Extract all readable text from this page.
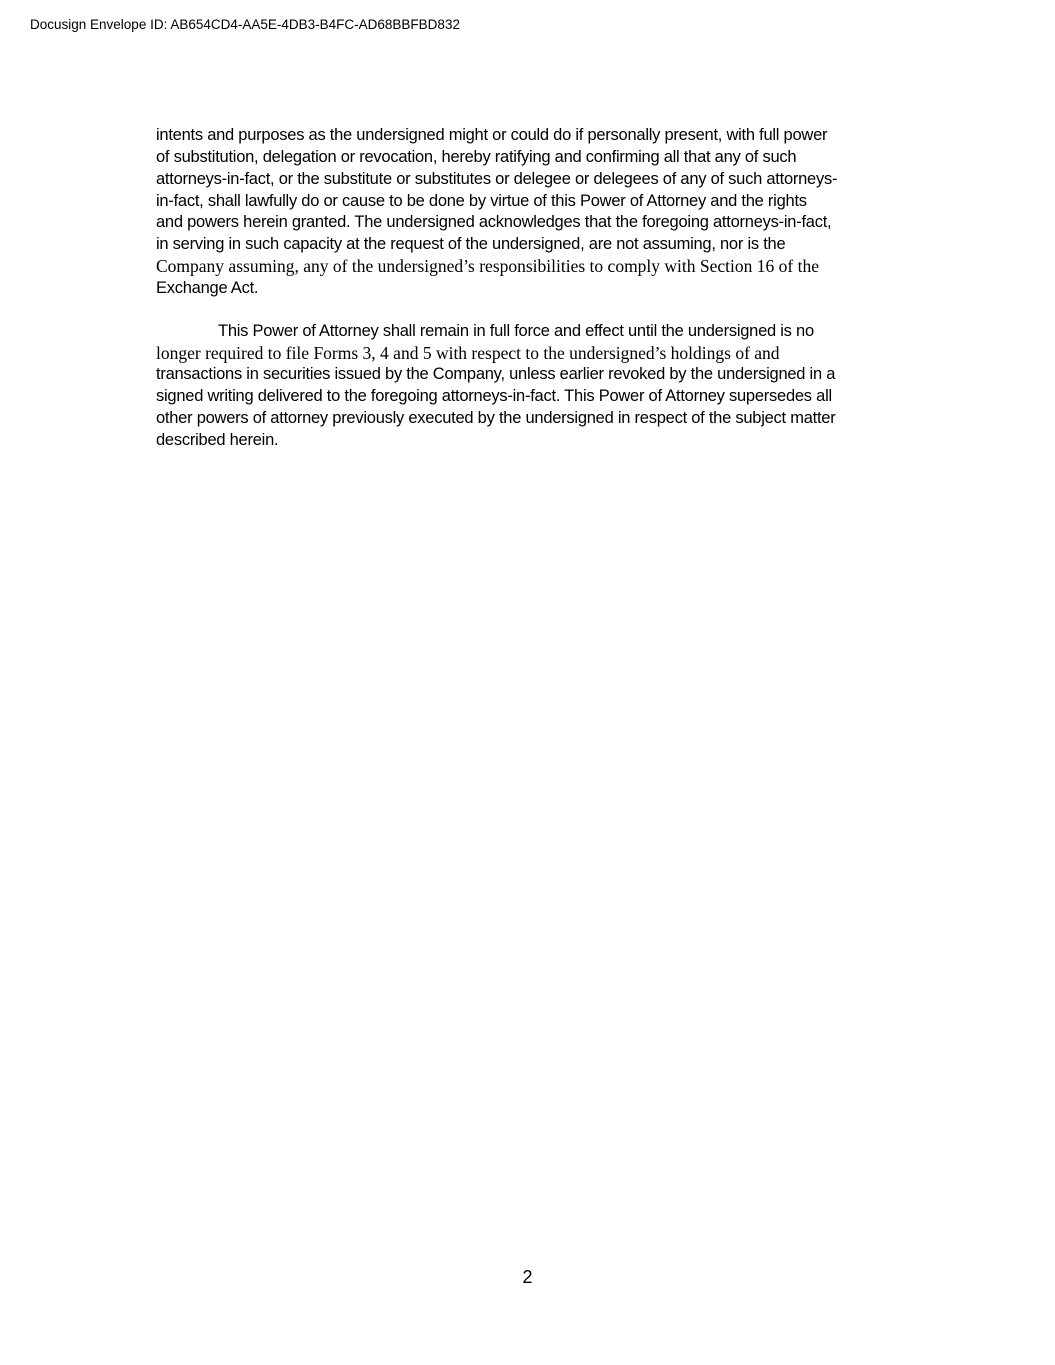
Docusign Envelope ID: AB654CD4-AA5E-4DB3-B4FC-AD68BBFBD832

intents and purposes as the undersigned might or could do if personally present, with full power
of substitution, delegation or revocation, hereby ratifying and confirming all that any of such
attorneys-in-fact, or the substitute or substitutes or delegee or delegees of any of such attorneys-
in-fact, shall lawfully do or cause to be done by virtue of this Power of Attorney and the rights
and powers herein granted. The undersigned acknowledges that the foregoing attorneys-in-fact,
in serving in such capacity at the request of the undersigned, are not assuming, nor is the
Company assuming, any of the undersigned’s responsibilities to comply with Section 16 of the
Exchange Act.

This Power of Attorney shall remain in full force and effect until the undersigned is no
longer required to file Forms 3, 4 and 5 with respect to the undersigned’s holdings of and
transactions in securities issued by the Company, unless earlier revoked by the undersigned in a
signed writing delivered to the foregoing attorneys-in-fact. This Power of Attorney supersedes all
other powers of attorney previously executed by the undersigned in respect of the subject matter
described herein.

2
